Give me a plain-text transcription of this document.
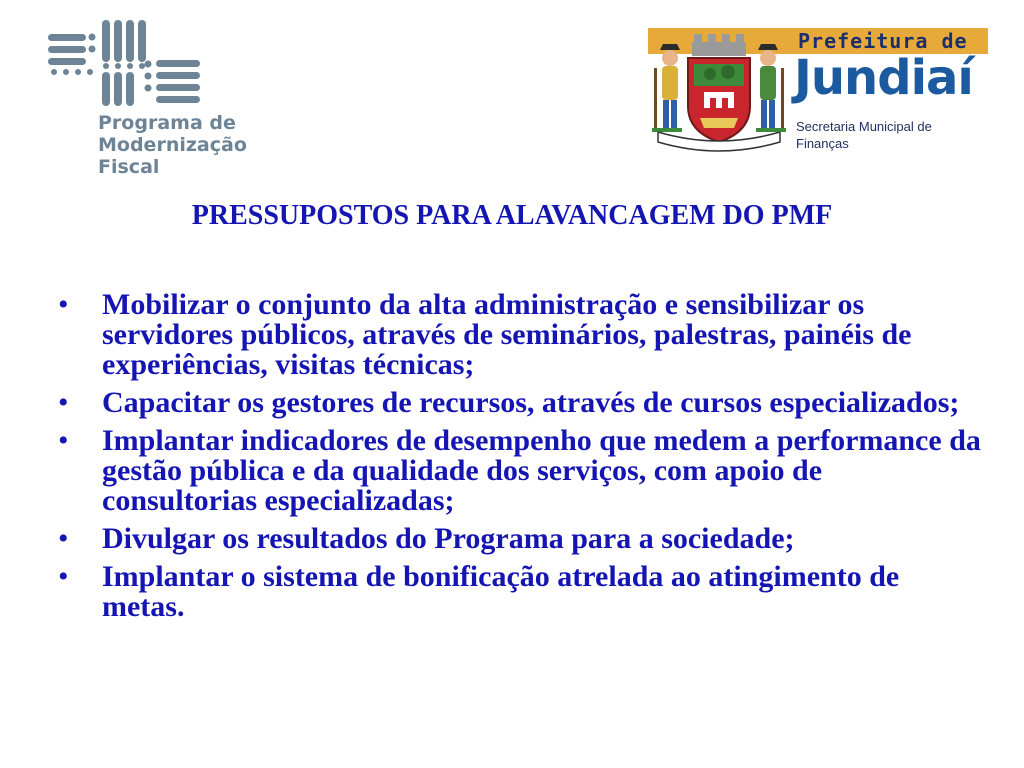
Programa de
Modernização
Fiscal

Prefeitura de
Jundiaí

Secretaria Municipal de
Finanças

PRESSUPOSTOS PARA ALAVANCAGEM DO PMF
• Mobilizar o conjunto da alta administração e sensibilizar os servidores públicos, através de seminários, palestras, painéis de experiências, visitas técnicas;
• Capacitar os gestores de recursos, através de cursos especializados;
• Implantar indicadores de desempenho que medem a performance da gestão pública e da qualidade dos serviços, com apoio de consultorias especializadas;
• Divulgar os resultados do Programa para a sociedade;
• Implantar o sistema de bonificação atrelada ao atingimento de metas.
